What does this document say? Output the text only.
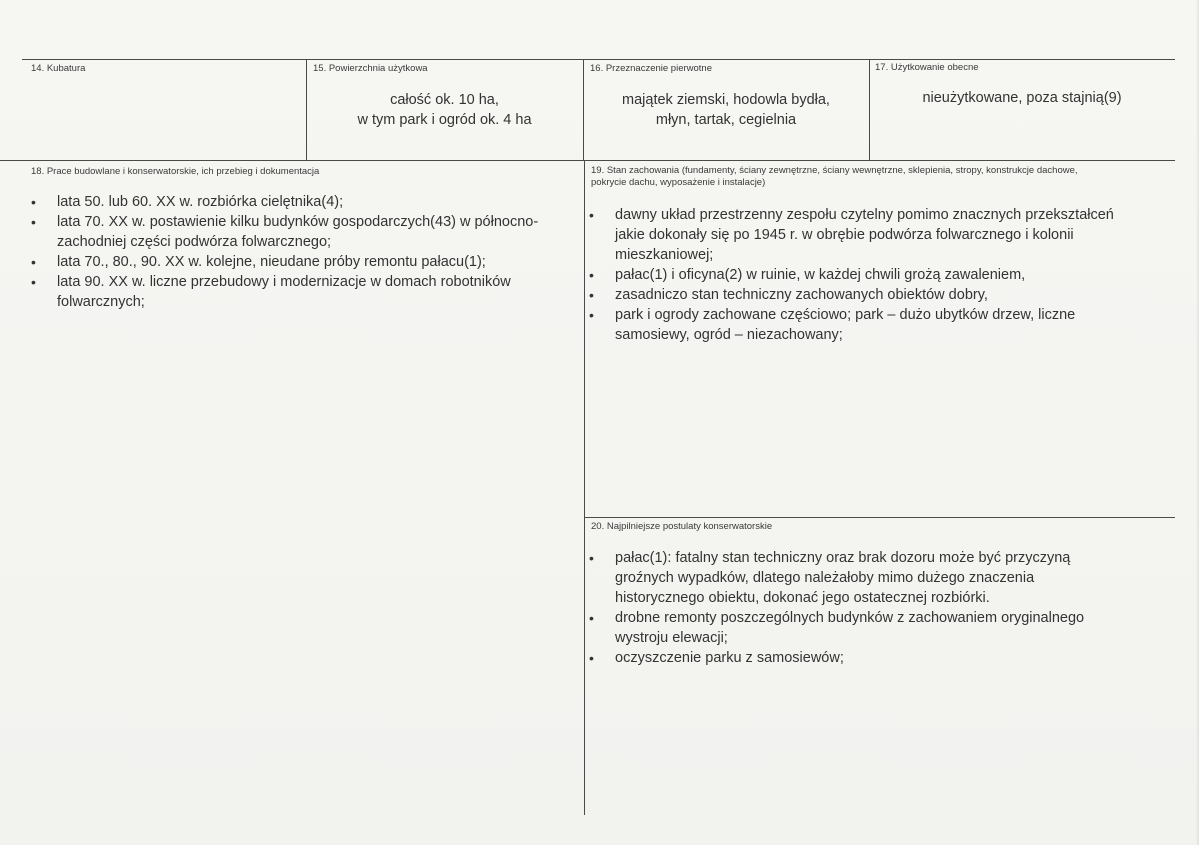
14. Kubatura	15. Powierzchnia użytkowa
całość ok. 10 ha,
w tym park i ogród ok. 4 ha
16. Przeznaczenie pierwotne
majątek ziemski, hodowla bydła,
młyn, tartak, cegielnia
17. Użytkowanie obecne
nieużytkowane, poza stajnią(9)
18. Prace budowlane i konserwatorskie, ich przebieg i dokumentacja
• lata 50. lub 60. XX w. rozbiórka cielętnika(4);
• lata 70. XX w. postawienie kilku budynków gospodarczych(43) w północno-zachodniej części podwórza folwarcznego;
• lata 70., 80., 90. XX w. kolejne, nieudane próby remontu pałacu(1);
• lata 90. XX w. liczne przebudowy i modernizacje w domach robotników folwarcznych;
19. Stan zachowania (fundamenty, ściany zewnętrzne, ściany wewnętrzne, sklepienia, stropy, konstrukcje dachowe, pokrycie dachu, wyposażenie i instalacje)
• dawny układ przestrzenny zespołu czytelny pomimo znacznych przekształceń jakie dokonały się po 1945 r. w obrębie podwórza folwarcznego i kolonii mieszkaniowej;
• pałac(1) i oficyna(2) w ruinie, w każdej chwili grożą zawaleniem,
• zasadniczo stan techniczny zachowanych obiektów dobry,
• park i ogrody zachowane częściowo; park – dużo ubytków drzew, liczne samosiewy, ogród – niezachowany;
20. Najpilniejsze postulaty konserwatorskie
• pałac(1): fatalny stan techniczny oraz brak dozoru może być przyczyną groźnych wypadków, dlatego należałoby mimo dużego znaczenia historycznego obiektu, dokonać jego ostatecznej rozbiórki.
• drobne remonty poszczególnych budynków z zachowaniem oryginalnego wystroju elewacji;
• oczyszczenie parku z samosiewów;
